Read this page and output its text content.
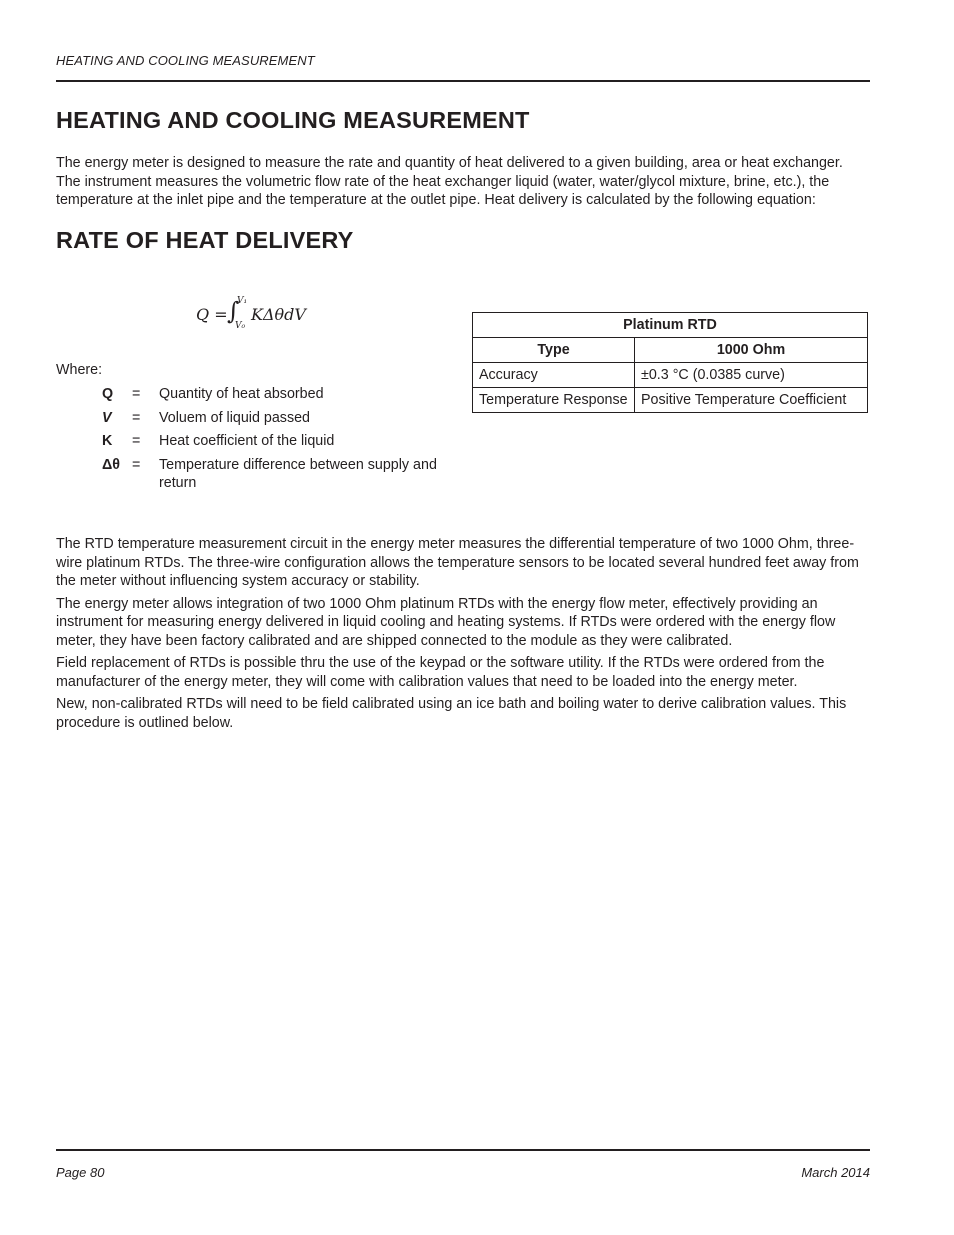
HEATING AND COOLING MEASUREMENT
HEATING AND COOLING MEASUREMENT

The energy meter is designed to measure the rate and quantity of heat delivered to a given building, area or heat exchanger. The instrument measures the volumetric flow rate of the heat exchanger liquid (water, water/glycol mixture, brine, etc.), the temperature at the inlet pipe and the temperature at the outlet pipe. Heat delivery is calculated by the following equation:

RATE OF HEAT DELIVERY
Q = ∫
V₁
V₀
KΔθdV
Where:
Q = Quantity of heat absorbed
V = Voluem of liquid passed
K = Heat coefficient of the liquid
Δθ = Temperature difference between supply and return
Platinum RTD	
Type	1000 Ohm
Accuracy	±0.3 °C (0.0385 curve)
Temperature Response	Positive Temperature Coefficient

The RTD temperature measurement circuit in the energy meter measures the differential temperature of two 1000 Ohm, three-wire platinum RTDs. The three-wire configuration allows the temperature sensors to be located several hundred feet away from the meter without influencing system accuracy or stability.

The energy meter allows integration of two 1000 Ohm platinum RTDs with the energy flow meter, effectively providing an instrument for measuring energy delivered in liquid cooling and heating systems. If RTDs were ordered with the energy flow meter, they have been factory calibrated and are shipped connected to the module as they were calibrated.

Field replacement of RTDs is possible thru the use of the keypad or the software utility. If the RTDs were ordered from the manufacturer of the energy meter, they will come with calibration values that need to be loaded into the energy meter.

New, non-calibrated RTDs will need to be field calibrated using an ice bath and boiling water to derive calibration values. This procedure is outlined below.

Page 80	March 2014
